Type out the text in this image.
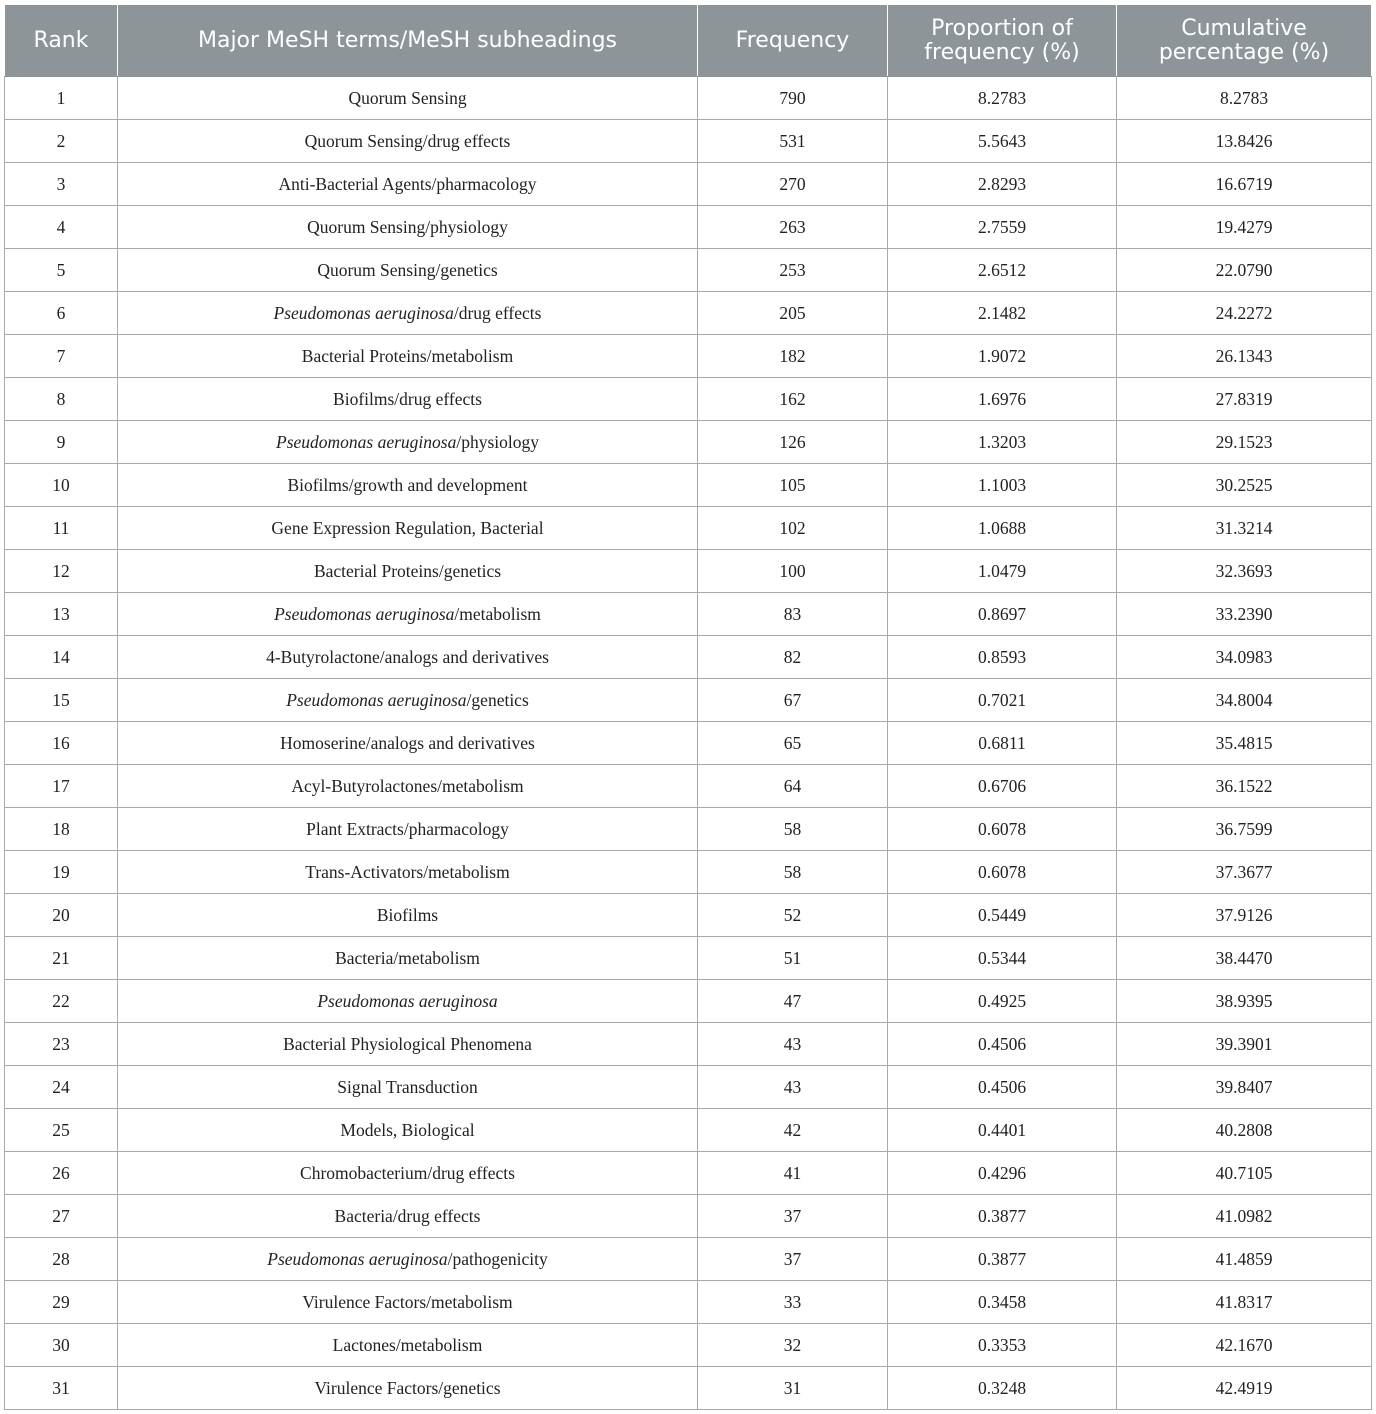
Rank	Major MeSH terms/MeSH subheadings	Frequency	Proportion of frequency (%)	Cumulative percentage (%)
1	Quorum Sensing	790	8.2783	8.2783
2	Quorum Sensing/drug effects	531	5.5643	13.8426
3	Anti-Bacterial Agents/pharmacology	270	2.8293	16.6719
4	Quorum Sensing/physiology	263	2.7559	19.4279
5	Quorum Sensing/genetics	253	2.6512	22.0790
6	Pseudomonas aeruginosa/drug effects	205	2.1482	24.2272
7	Bacterial Proteins/metabolism	182	1.9072	26.1343
8	Biofilms/drug effects	162	1.6976	27.8319
9	Pseudomonas aeruginosa/physiology	126	1.3203	29.1523
10	Biofilms/growth and development	105	1.1003	30.2525
11	Gene Expression Regulation, Bacterial	102	1.0688	31.3214
12	Bacterial Proteins/genetics	100	1.0479	32.3693
13	Pseudomonas aeruginosa/metabolism	83	0.8697	33.2390
14	4-Butyrolactone/analogs and derivatives	82	0.8593	34.0983
15	Pseudomonas aeruginosa/genetics	67	0.7021	34.8004
16	Homoserine/analogs and derivatives	65	0.6811	35.4815
17	Acyl-Butyrolactones/metabolism	64	0.6706	36.1522
18	Plant Extracts/pharmacology	58	0.6078	36.7599
19	Trans-Activators/metabolism	58	0.6078	37.3677
20	Biofilms	52	0.5449	37.9126
21	Bacteria/metabolism	51	0.5344	38.4470
22	Pseudomonas aeruginosa	47	0.4925	38.9395
23	Bacterial Physiological Phenomena	43	0.4506	39.3901
24	Signal Transduction	43	0.4506	39.8407
25	Models, Biological	42	0.4401	40.2808
26	Chromobacterium/drug effects	41	0.4296	40.7105
27	Bacteria/drug effects	37	0.3877	41.0982
28	Pseudomonas aeruginosa/pathogenicity	37	0.3877	41.4859
29	Virulence Factors/metabolism	33	0.3458	41.8317
30	Lactones/metabolism	32	0.3353	42.1670
31	Virulence Factors/genetics	31	0.3248	42.4919
